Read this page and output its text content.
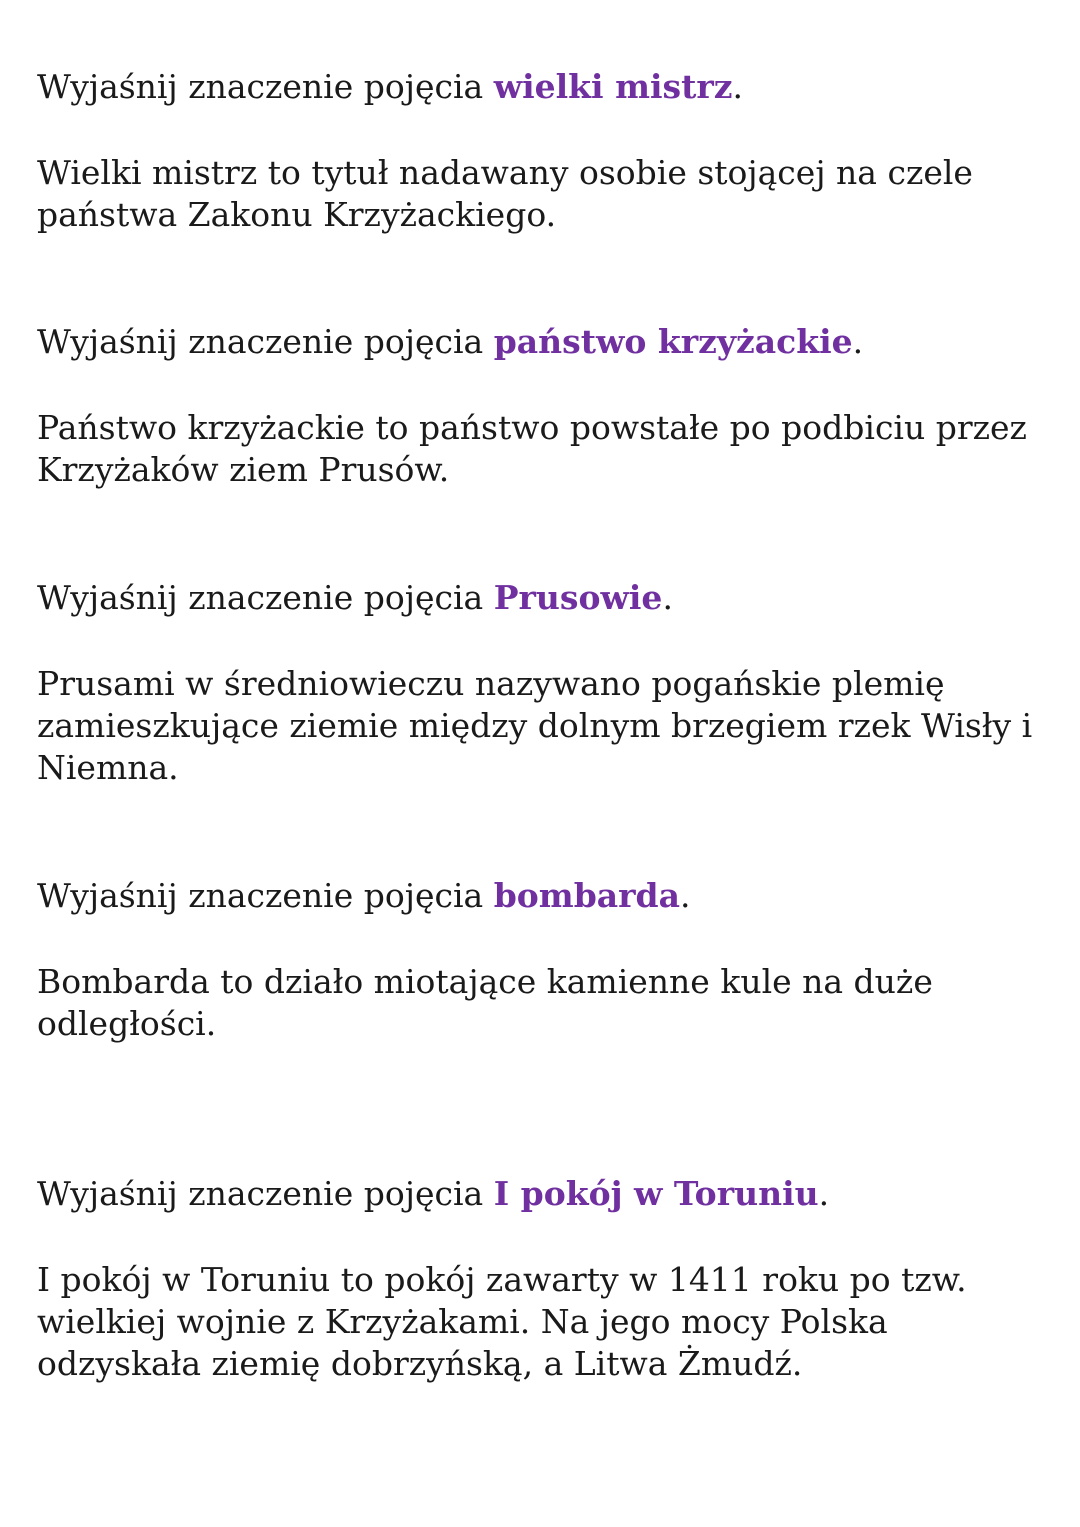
Wyjaśnij znaczenie pojęcia wielki mistrz.

Wielki mistrz to tytuł nadawany osobie stojącej na czele państwa Zakonu Krzyżackiego.

Wyjaśnij znaczenie pojęcia państwo krzyżackie.

Państwo krzyżackie to państwo powstałe po podbiciu przez Krzyżaków ziem Prusów.

Wyjaśnij znaczenie pojęcia Prusowie.

Prusami w średniowieczu nazywano pogańskie plemię zamieszkujące ziemie między dolnym brzegiem rzek Wisły i Niemna.

Wyjaśnij znaczenie pojęcia bombarda.

Bombarda to działo miotające kamienne kule na duże odległości.

Wyjaśnij znaczenie pojęcia I pokój w Toruniu.

I pokój w Toruniu to pokój zawarty w 1411 roku po tzw. wielkiej wojnie z Krzyżakami. Na jego mocy Polska odzyskała ziemię dobrzyńską, a Litwa Żmudź.
